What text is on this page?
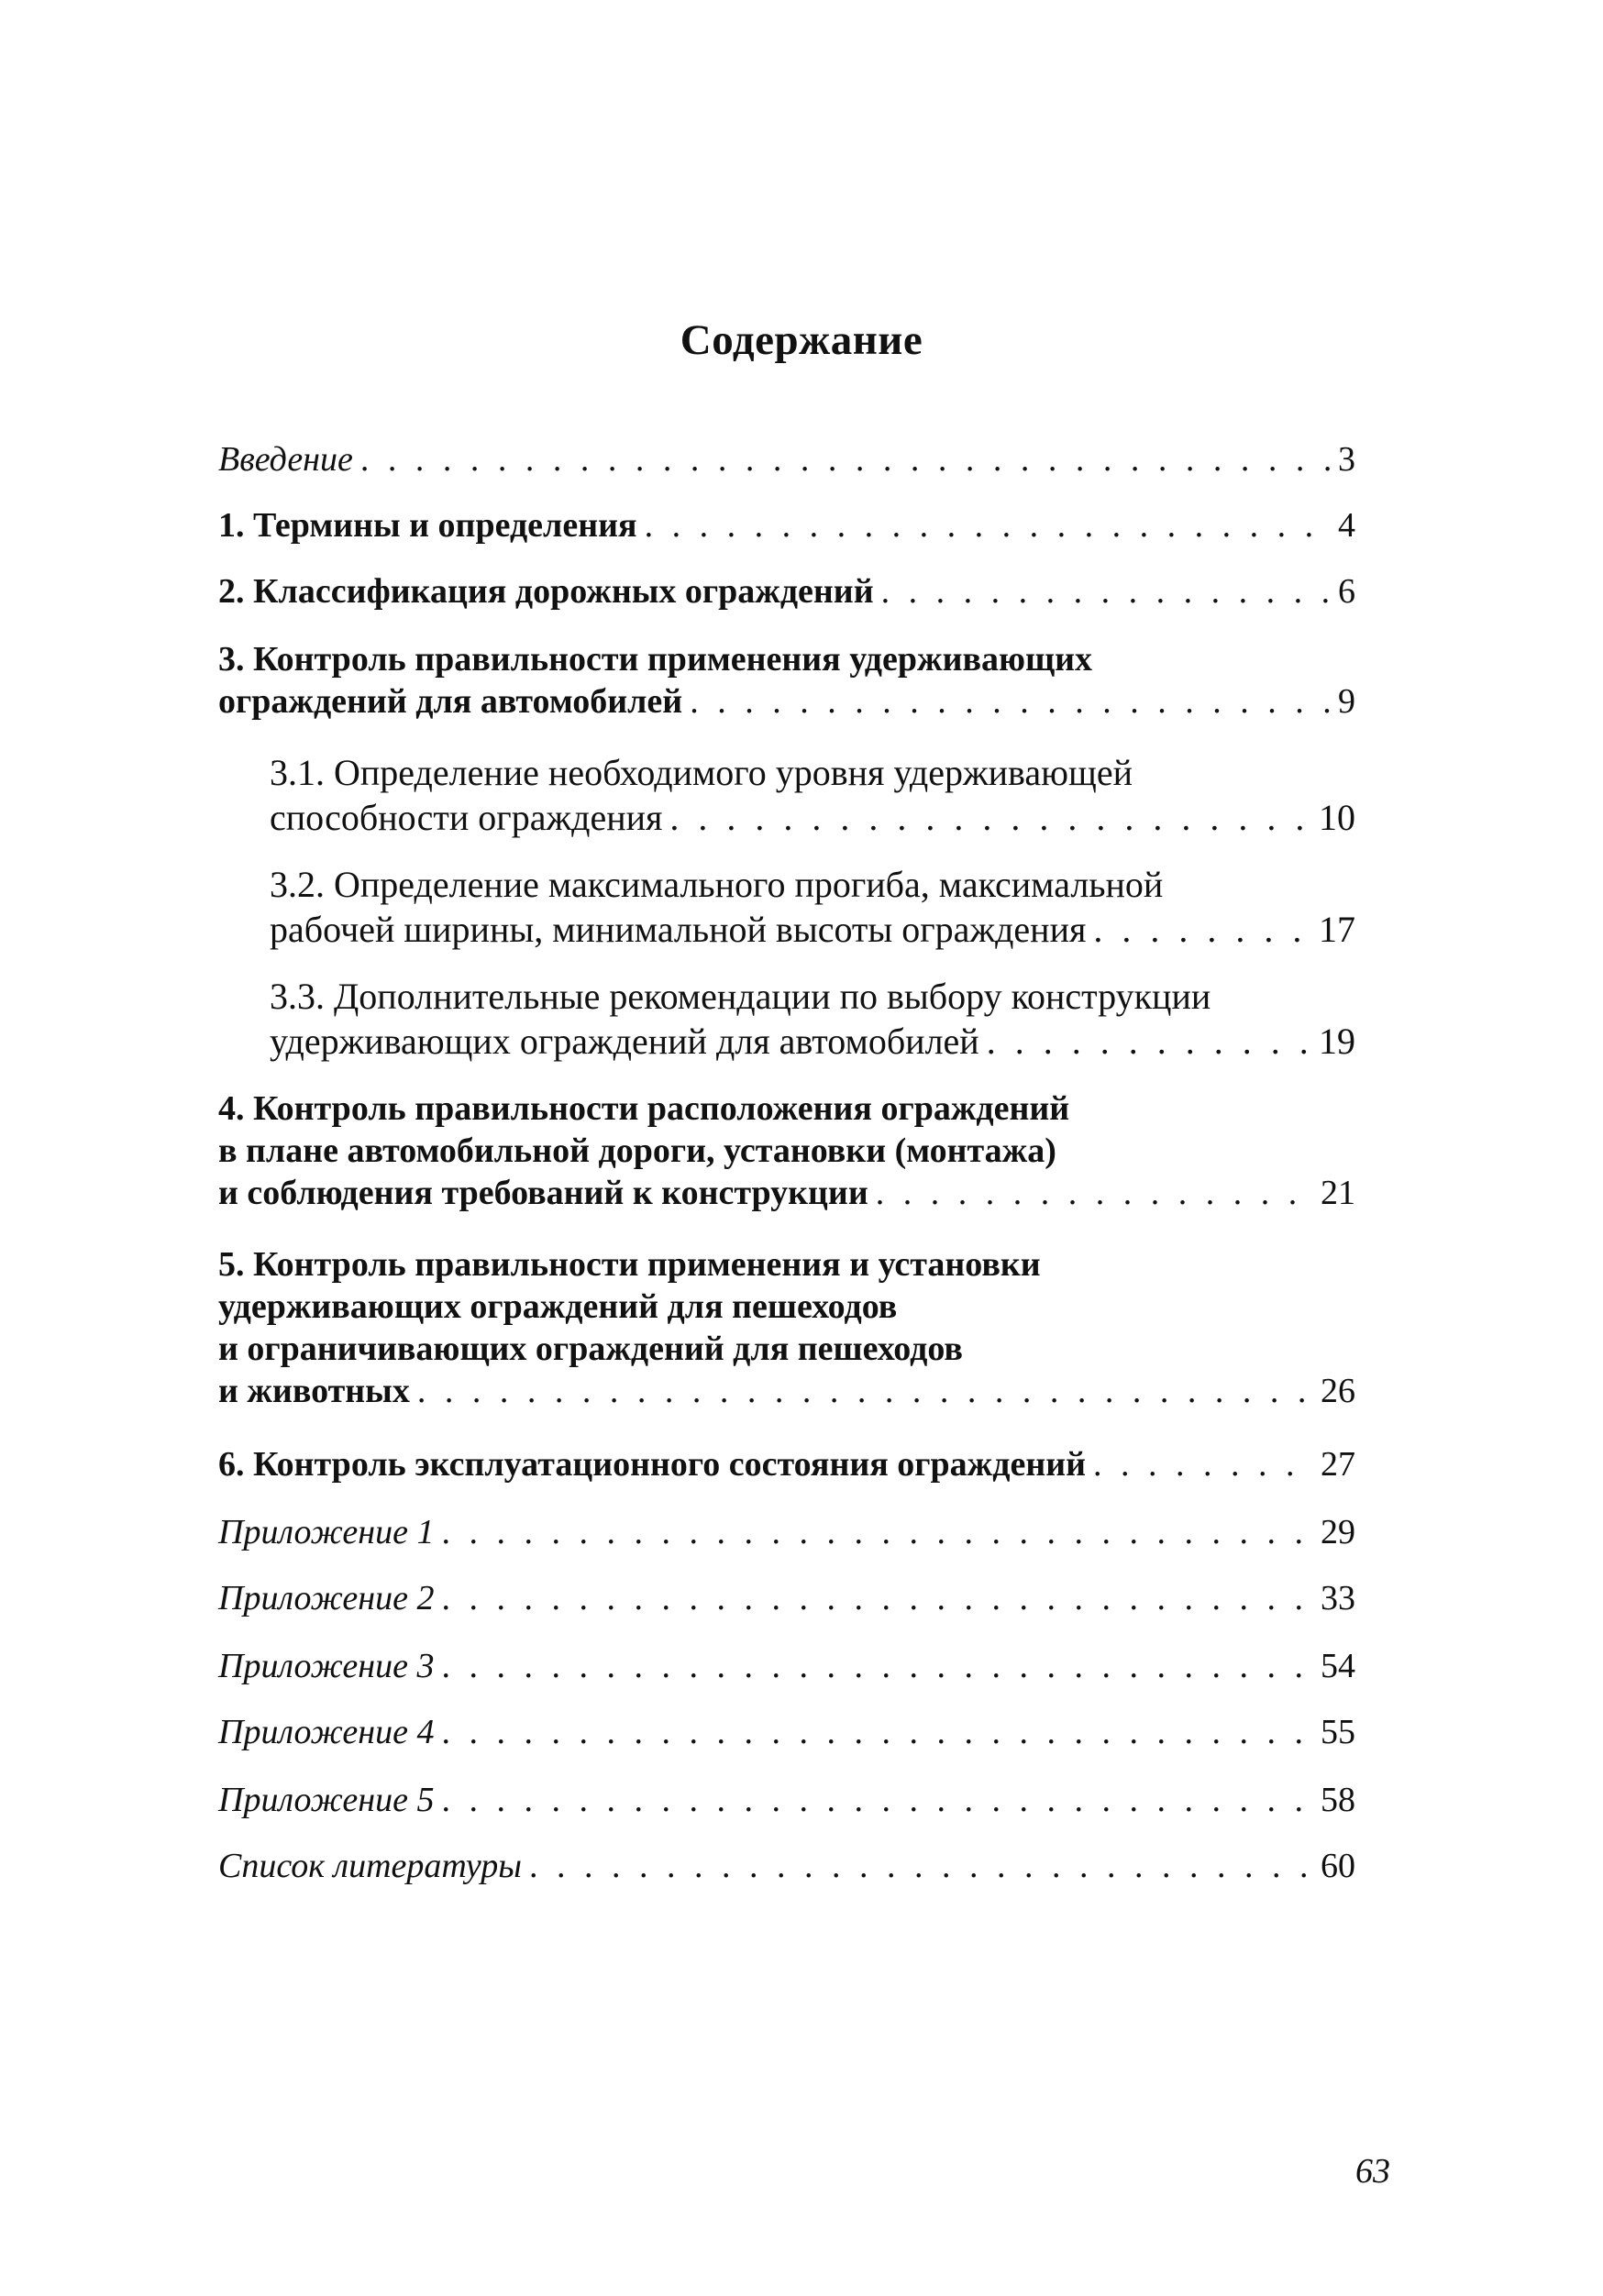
Содержание
Введение . . .	3
1. Термины и определения . . .	4
2. Классификация дорожных ограждений . . .	6
3. Контроль правильности применения удерживающих
ограждений для автомобилей . . .	9
3.1. Определение необходимого уровня удерживающей
способности ограждения . . .	10
3.2. Определение максимального прогиба, максимальной
рабочей ширины, минимальной высоты ограждения . . .	17
3.3. Дополнительные рекомендации по выбору конструкции
удерживающих ограждений для автомобилей . . .	19
4. Контроль правильности расположения ограждений
в плане автомобильной дороги, установки (монтажа)
и соблюдения требований к конструкции . . .	21
5. Контроль правильности применения и установки
удерживающих ограждений для пешеходов
и ограничивающих ограждений для пешеходов
и животных . . .	26
6. Контроль эксплуатационного состояния ограждений . . .	27
Приложение 1 . . .	29
Приложение 2 . . .	33
Приложение 3 . . .	54
Приложение 4 . . .	55
Приложение 5 . . .	58
Список литературы . . .	60
63
